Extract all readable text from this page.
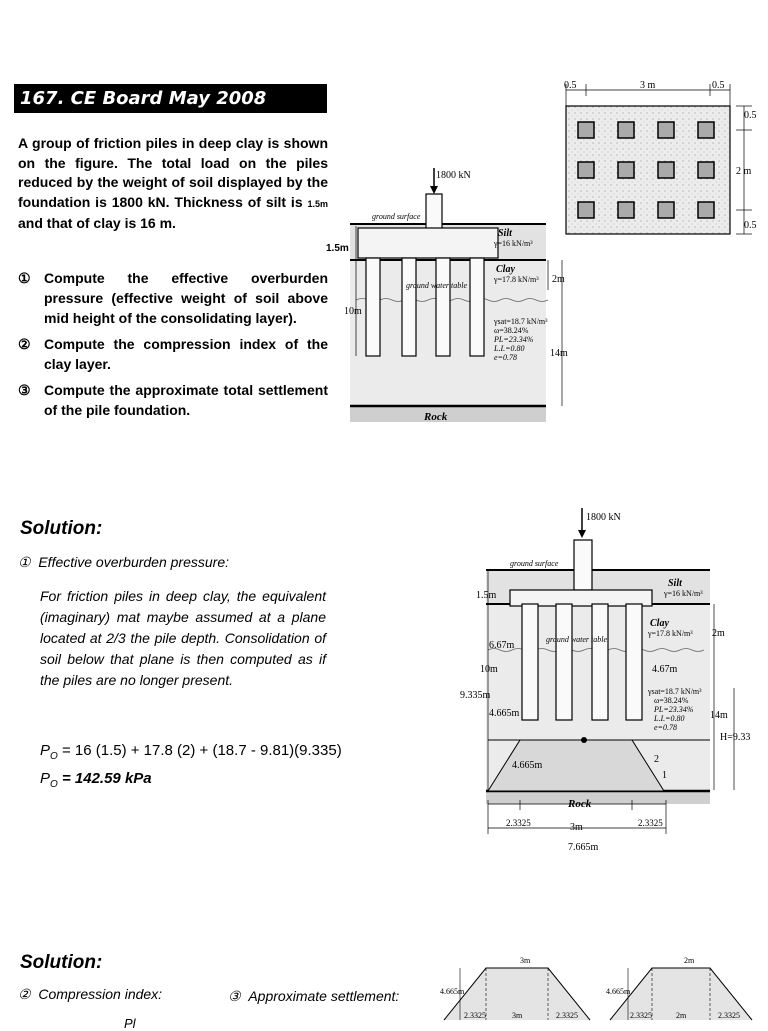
167. CE Board May 2008
A group of friction piles in deep clay is shown on the figure. The total load on the piles reduced by the weight of soil displayed by the foundation is 1800 kN. Thickness of silt is 1.5m and that of clay is 16 m.
① Compute the effective overburden pressure (effective weight of soil above mid height of the consolidating layer).
② Compute the compression index of the clay layer.
③ Compute the approximate total settlement of the pile foundation.
0.5	3 m	0.5
0.5
2 m
0.5
1800 kN
ground surface
Silt
γ=16 kN/m³
1.5m
Clay
γ=17.8 kN/m³ 2m
ground water table
10m
14m
γsat=18.7 kN/m³
ω=38.24%
PL=23.34%
L.I.=0.80
e=0.78
Rock
Solution:
① Effective overburden pressure:
For friction piles in deep clay, the equivalent (imaginary) mat maybe assumed at a plane located at 2/3 the pile depth. Consolidation of soil below that plane is then computed as if the piles are no longer present.
$P_O = 16$ (1.5) + 17.8 (2) + (18.7 - 9.81)(9.335)
$P_O = 142.59$ kPa
1800 kN
ground surface
Silt
γ=16 kN/m³
1.5m
6.67m
ground water table
Clay
γ=17.8 kN/m³ 2m
10m	4.67m
9.335m
4.665m
γsat=18.7 kN/m³
ω=38.24%
PL=23.34%
L.I.=0.80
e=0.78
14m
H=9.33
4.665m
2
1
Rock
2.3325	3m	2.3325
7.665m
Solution:
② Compression index:	③ Approximate settlement:
Pl
3m
4.665m
2.3325	3m	2.3325
2m
4.665m
2.3325	2m	2.3325
